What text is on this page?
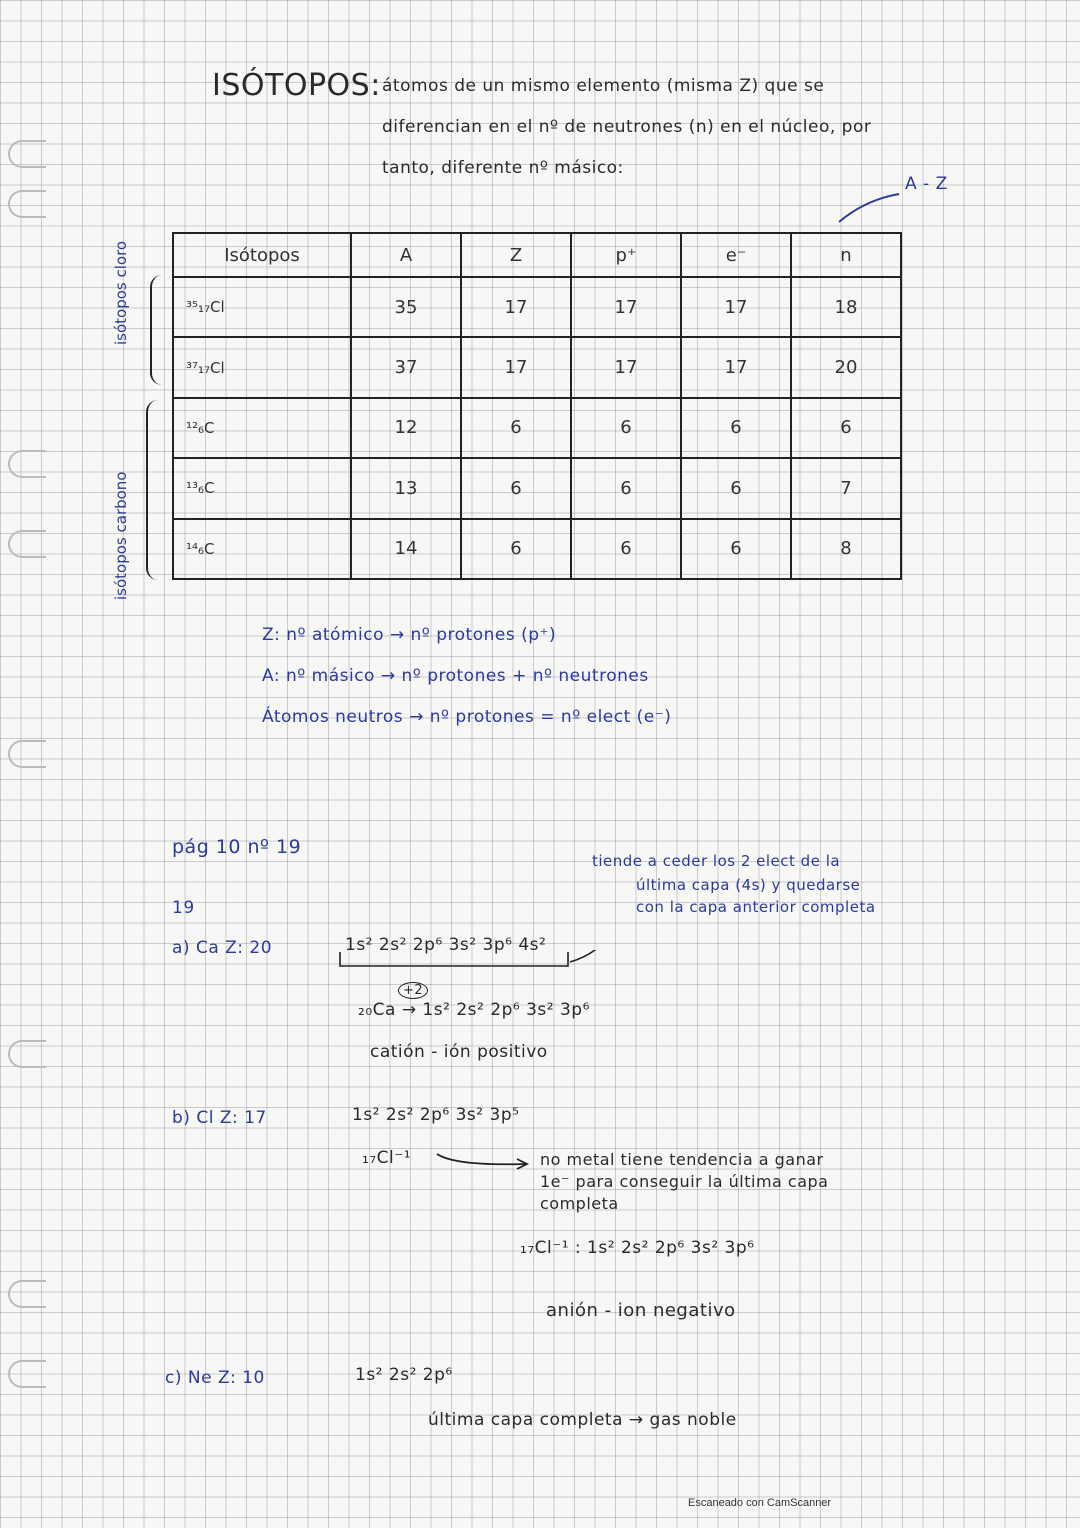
ISÓTOPOS: átomos de un mismo elemento (misma Z) que se
diferencian en el nº de neutrones (n) en el núcleo, por
tanto, diferente nº másico:
A - Z
isótopos cloro
isótopos carbono
Isótopos	A	Z	p⁺	e⁻	n
³⁵₁₇Cl	35	17	17	17	18
³⁷₁₇Cl	37	17	17	17	20
¹²₆C	12	6	6	6	6
¹³₆C	13	6	6	6	7
¹⁴₆C	14	6	6	6	8
Z: nº atómico → nº protones (p⁺)
A: nº másico → nº protones + nº neutrones
Átomos neutros → nº protones = nº elect (e⁻)
pág 10 nº 19
tiende a ceder los 2 elect de la
última capa (4s) y quedarse
con la capa anterior completa
19
a) Ca Z: 20	1s² 2s² 2p⁶ 3s² 3p⁶ 4s²
+2
₂₀Ca → 1s² 2s² 2p⁶ 3s² 3p⁶
catión - ión positivo
b) Cl Z: 17	1s² 2s² 2p⁶ 3s² 3p⁵
₁₇Cl⁻¹	no metal tiene tendencia a ganar
1e⁻ para conseguir la última capa
completa
₁₇Cl⁻¹ : 1s² 2s² 2p⁶ 3s² 3p⁶
anión - ion negativo
c) Ne Z: 10	1s² 2s² 2p⁶
última capa completa → gas noble
Escaneado con CamScanner
